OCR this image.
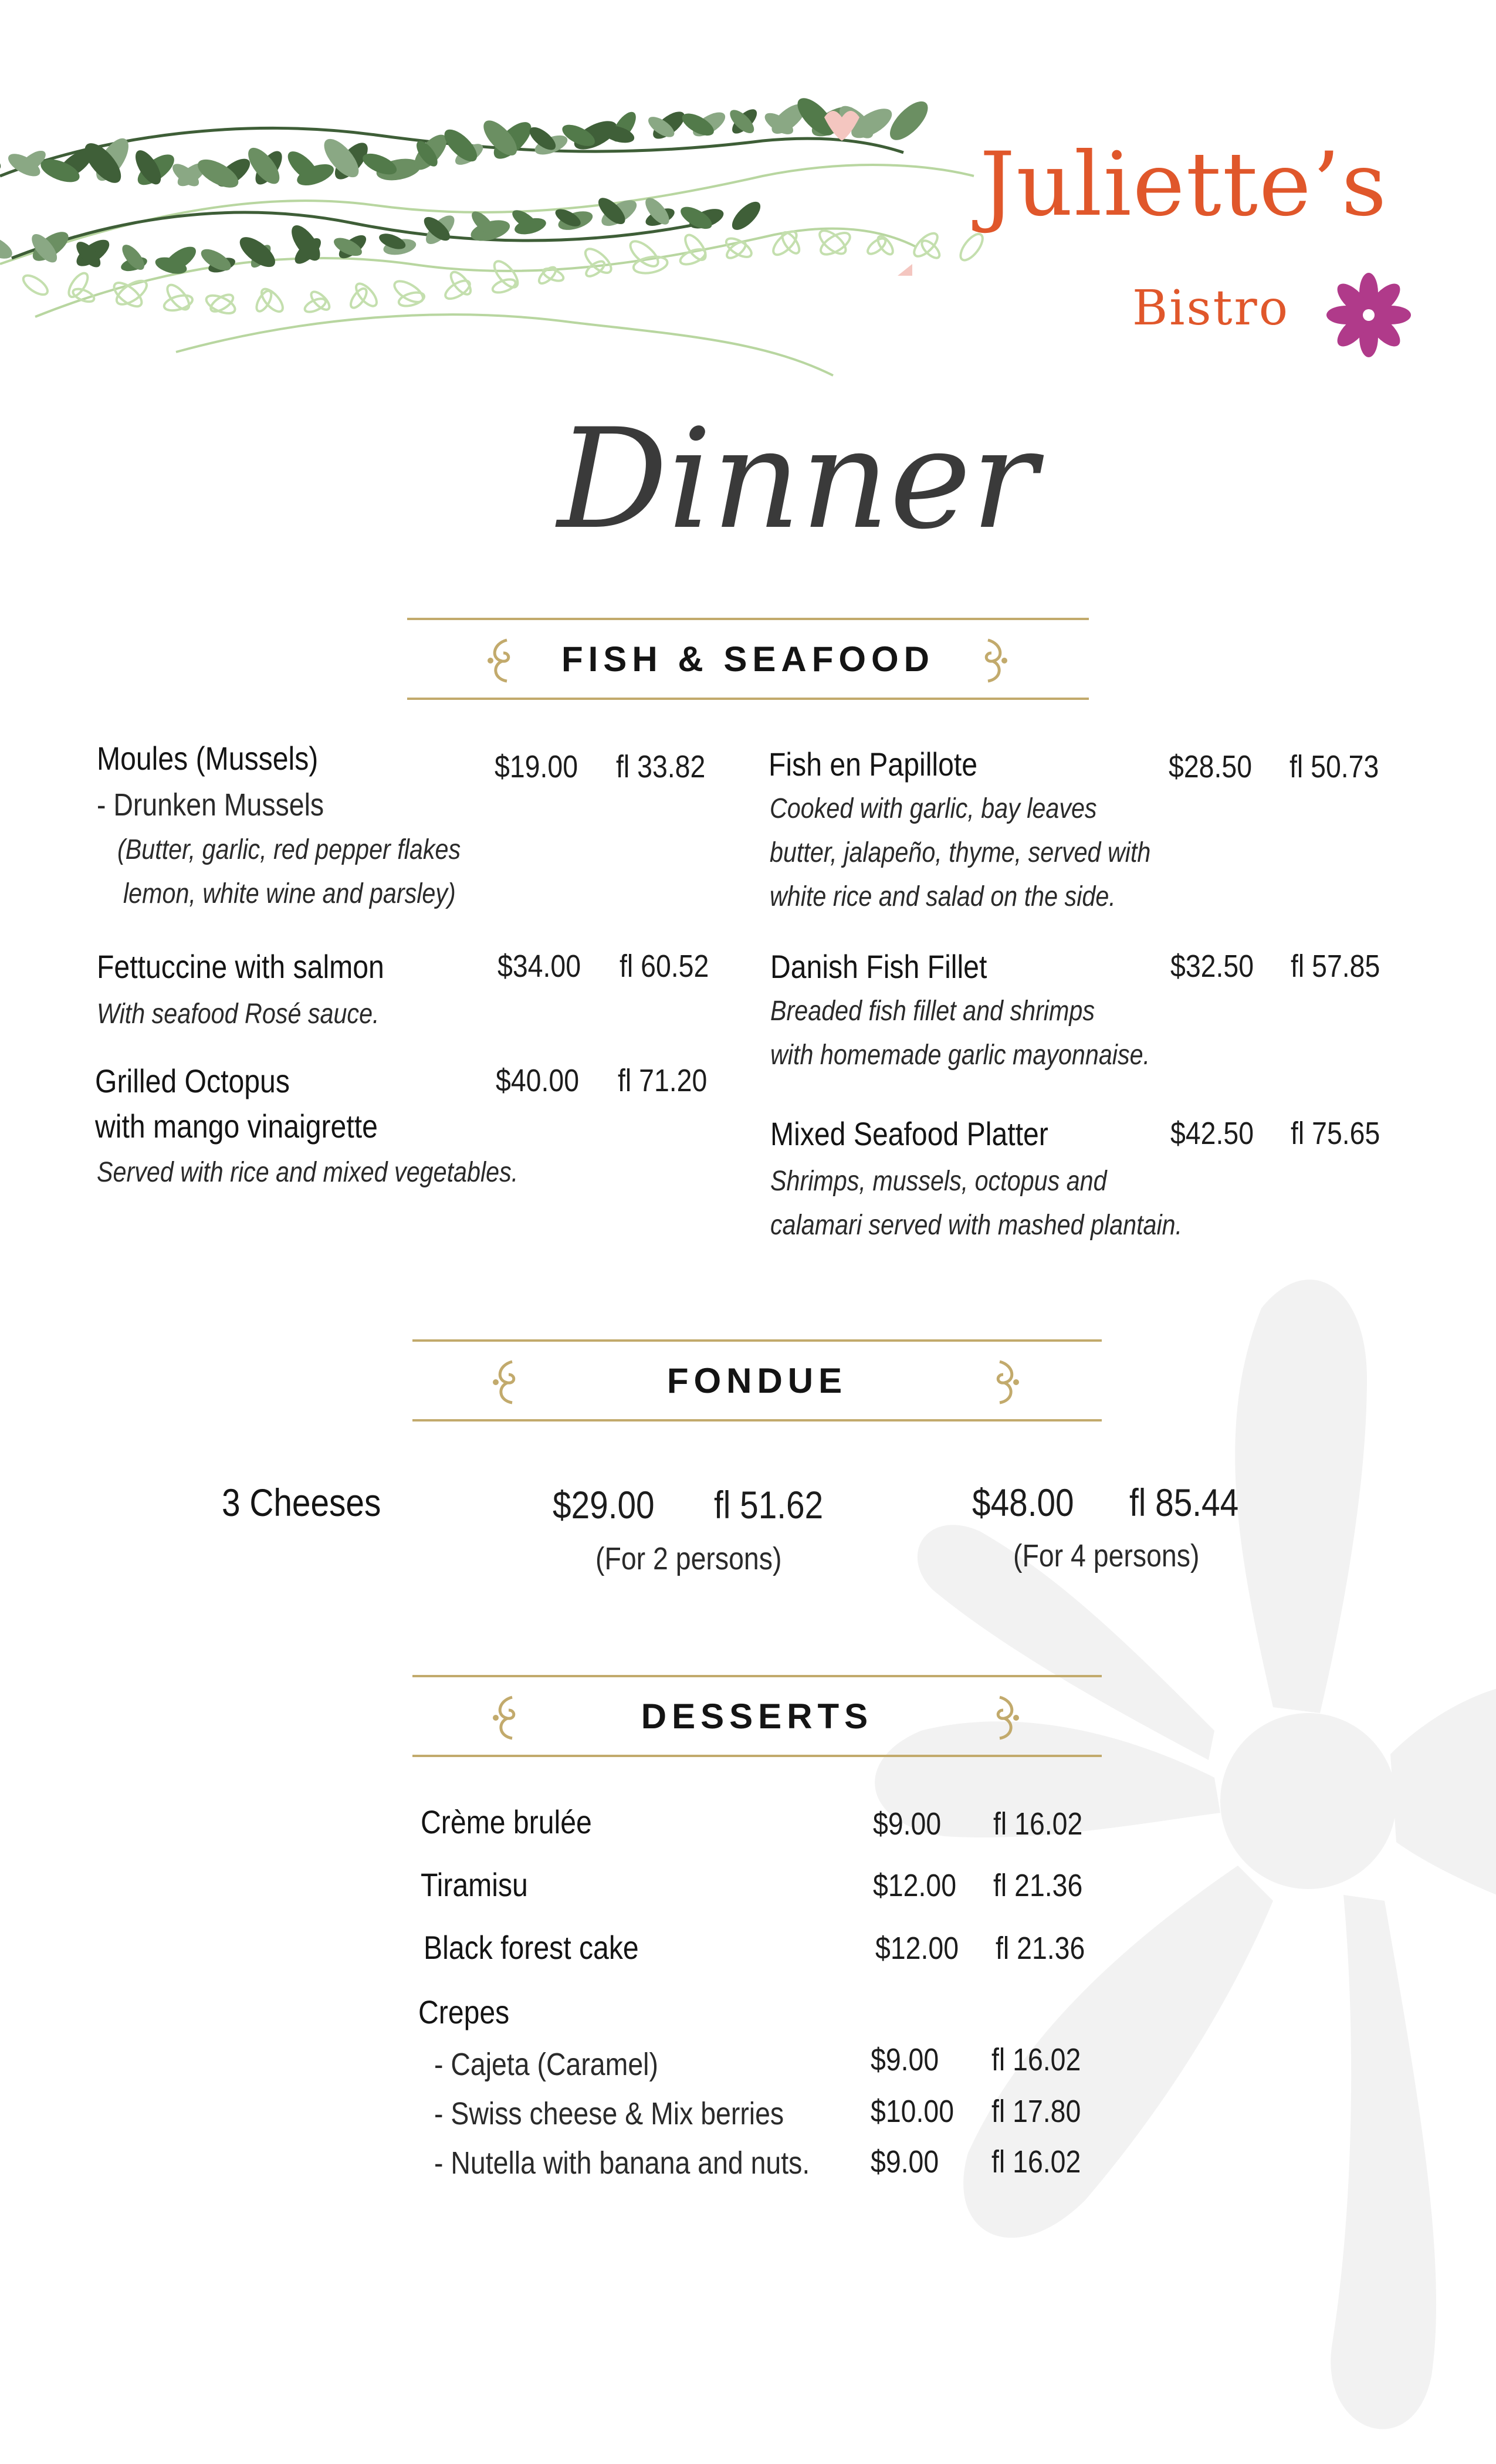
Juliette’s
Bistro
Dinner
FISH & SEAFOOD
Moules (Mussels)	$19.00 fl 33.82
- Drunken Mussels
(Butter, garlic, red pepper flakes
lemon, white wine and parsley)
Fettuccine with salmon	$34.00 fl 60.52
With seafood Rosé sauce.
Grilled Octopus
with mango vinaigrette
$40.00 fl 71.20
Served with rice and mixed vegetables.
Fish en Papillote	$28.50 fl 50.73
Cooked with garlic, bay leaves
butter, jalapeño, thyme, served with
white rice and salad on the side.
Danish Fish Fillet	$32.50 fl 57.85
Breaded fish fillet and shrimps
with homemade garlic mayonnaise.
Mixed Seafood Platter	$42.50 fl 75.65
Shrimps, mussels, octopus and
calamari served with mashed plantain.
FONDUE
3 Cheeses	$29.00 fl 51.62
(For 2 persons)
$48.00 fl 85.44
(For 4 persons)
DESSERTS
Crème brulée	$9.00 fl 16.02
Tiramisu	$12.00 fl 21.36
Black forest cake	$12.00 fl 21.36
Crepes
- Cajeta (Caramel)	$9.00 fl 16.02
- Swiss cheese & Mix berries	$10.00 fl 17.80
- Nutella with banana and nuts. $9.00 fl 16.02
